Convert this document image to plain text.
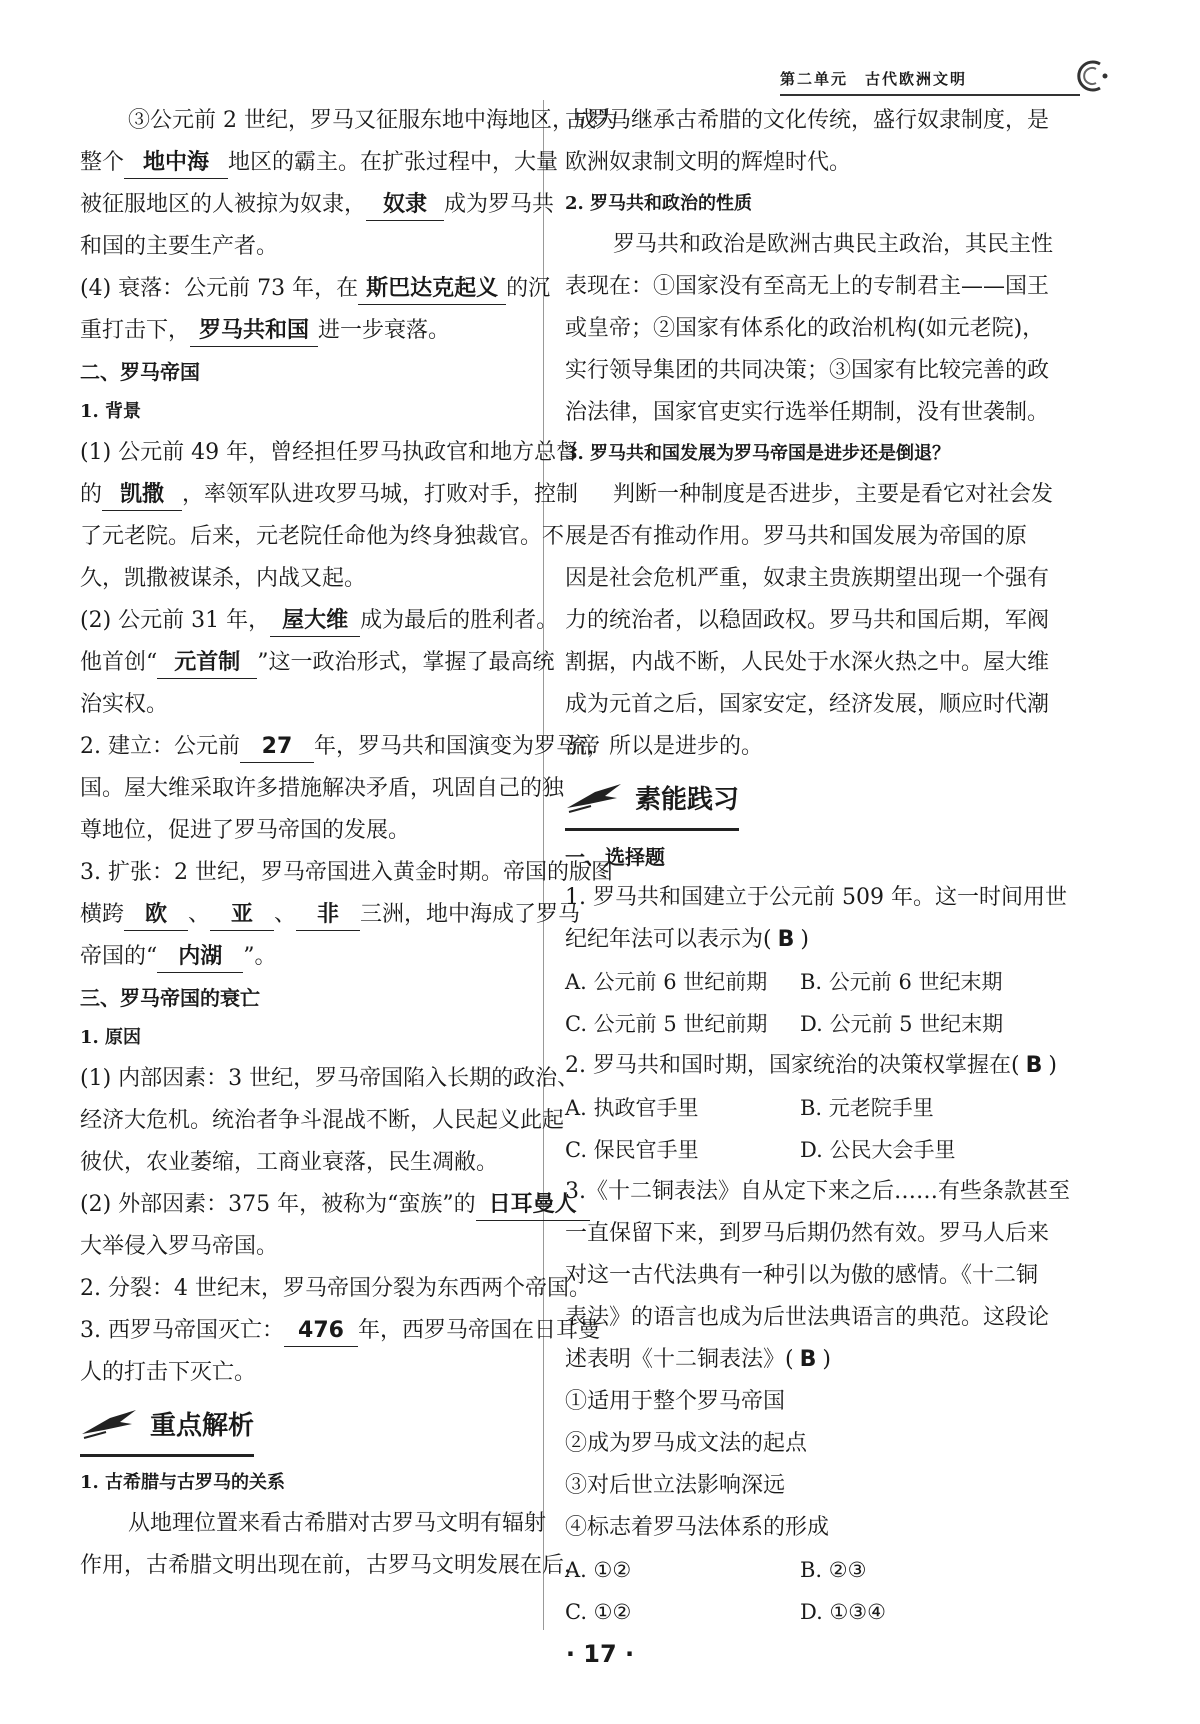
第二单元　古代欧洲文明
③公元前 2 世纪，罗马又征服东地中海地区，成为
整个 地中海 地区的霸主。在扩张过程中，大量
被征服地区的人被掠为奴隶， 奴隶 成为罗马共
和国的主要生产者。
(4) 衰落：公元前 73 年，在 斯巴达克起义 的沉
重打击下， 罗马共和国 进一步衰落。
二、罗马帝国
1. 背景
(1) 公元前 49 年，曾经担任罗马执政官和地方总督
的 凯撒 ，率领军队进攻罗马城，打败对手，控制
了元老院。后来，元老院任命他为终身独裁官。不
久，凯撒被谋杀，内战又起。
(2) 公元前 31 年， 屋大维 成为最后的胜利者。
他首创“ 元首制 ”这一政治形式，掌握了最高统
治实权。
2. 建立：公元前 27 年，罗马共和国演变为罗马帝
国。屋大维采取许多措施解决矛盾，巩固自己的独
尊地位，促进了罗马帝国的发展。
3. 扩张：2 世纪，罗马帝国进入黄金时期。帝国的版图
横跨 欧 、 亚 、 非 三洲，地中海成了罗马
帝国的“ 内湖 ”。
三、罗马帝国的衰亡
1. 原因
(1) 内部因素：3 世纪，罗马帝国陷入长期的政治、
经济大危机。统治者争斗混战不断，人民起义此起
彼伏，农业萎缩，工商业衰落，民生凋敝。
(2) 外部因素：375 年，被称为“蛮族”的 日耳曼人
大举侵入罗马帝国。
2. 分裂：4 世纪末，罗马帝国分裂为东西两个帝国。
3. 西罗马帝国灭亡： 476 年，西罗马帝国在日耳曼
人的打击下灭亡。
重点解析
1. 古希腊与古罗马的关系
从地理位置来看古希腊对古罗马文明有辐射
作用，古希腊文明出现在前，古罗马文明发展在后，
古罗马继承古希腊的文化传统，盛行奴隶制度，是
欧洲奴隶制文明的辉煌时代。
2. 罗马共和政治的性质
罗马共和政治是欧洲古典民主政治，其民主性
表现在：①国家没有至高无上的专制君主——国王
或皇帝；②国家有体系化的政治机构(如元老院)，
实行领导集团的共同决策；③国家有比较完善的政
治法律，国家官吏实行选举任期制，没有世袭制。
3. 罗马共和国发展为罗马帝国是进步还是倒退？
判断一种制度是否进步，主要是看它对社会发
展是否有推动作用。罗马共和国发展为帝国的原
因是社会危机严重，奴隶主贵族期望出现一个强有
力的统治者，以稳固政权。罗马共和国后期，军阀
割据，内战不断，人民处于水深火热之中。屋大维
成为元首之后，国家安定，经济发展，顺应时代潮
流，所以是进步的。
素能践习
一、选择题
1. 罗马共和国建立于公元前 509 年。这一时间用世
纪纪年法可以表示为( B )
A. 公元前 6 世纪前期	B. 公元前 6 世纪末期
C. 公元前 5 世纪前期	D. 公元前 5 世纪末期
2. 罗马共和国时期，国家统治的决策权掌握在( B )
A. 执政官手里	B. 元老院手里
C. 保民官手里	D. 公民大会手里
3.《十二铜表法》自从定下来之后……有些条款甚至
一直保留下来，到罗马后期仍然有效。罗马人后来
对这一古代法典有一种引以为傲的感情。《十二铜
表法》的语言也成为后世法典语言的典范。这段论
述表明《十二铜表法》( B )
①适用于整个罗马帝国
②成为罗马成文法的起点
③对后世立法影响深远
④标志着罗马法体系的形成
A. ①②	B. ②③
C. ①②	D. ①③④
· 17 ·
